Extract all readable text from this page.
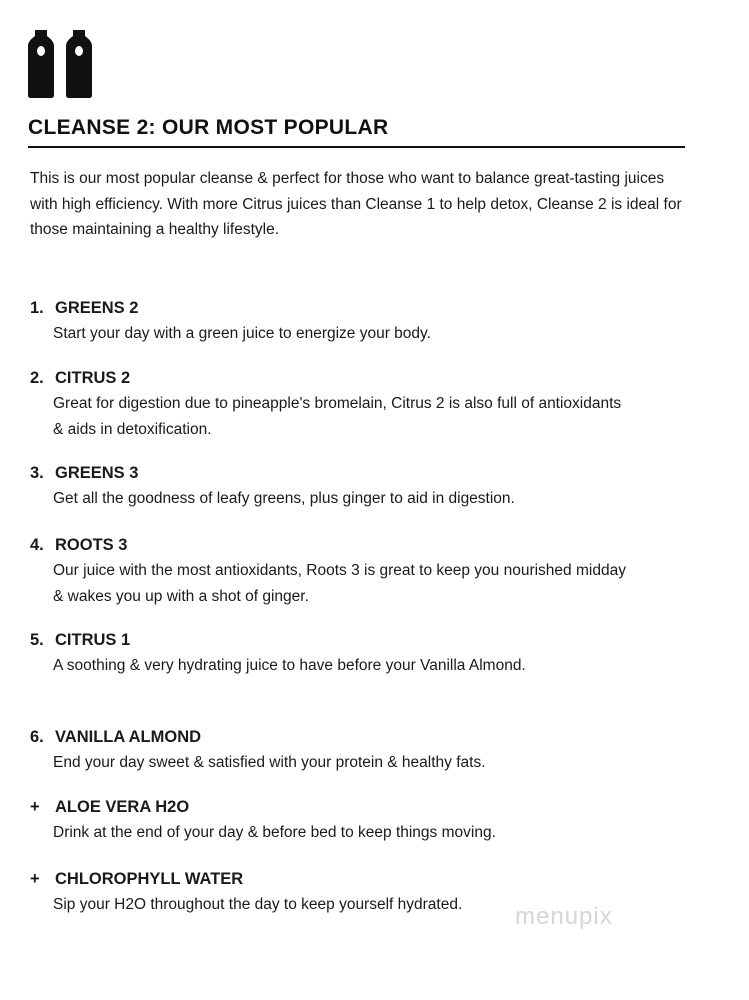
CLEANSE 2: OUR MOST POPULAR

This is our most popular cleanse & perfect for those who want to balance great-tasting juices with high efficiency. With more Citrus juices than Cleanse 1 to help detox, Cleanse 2 is ideal for those maintaining a healthy lifestyle.

1. GREENS 2
Start your day with a green juice to energize your body.
2. CITRUS 2
Great for digestion due to pineapple's bromelain, Citrus 2 is also full of antioxidants & aids in detoxification.
3. GREENS 3
Get all the goodness of leafy greens, plus ginger to aid in digestion.
4. ROOTS 3
Our juice with the most antioxidants, Roots 3 is great to keep you nourished midday & wakes you up with a shot of ginger.
5. CITRUS 1
A soothing & very hydrating juice to have before your Vanilla Almond.
6. VANILLA ALMOND
End your day sweet & satisfied with your protein & healthy fats.
+ ALOE VERA H2O
Drink at the end of your day & before bed to keep things moving.
+ CHLOROPHYLL WATER
Sip your H2O throughout the day to keep yourself hydrated.	menupix
